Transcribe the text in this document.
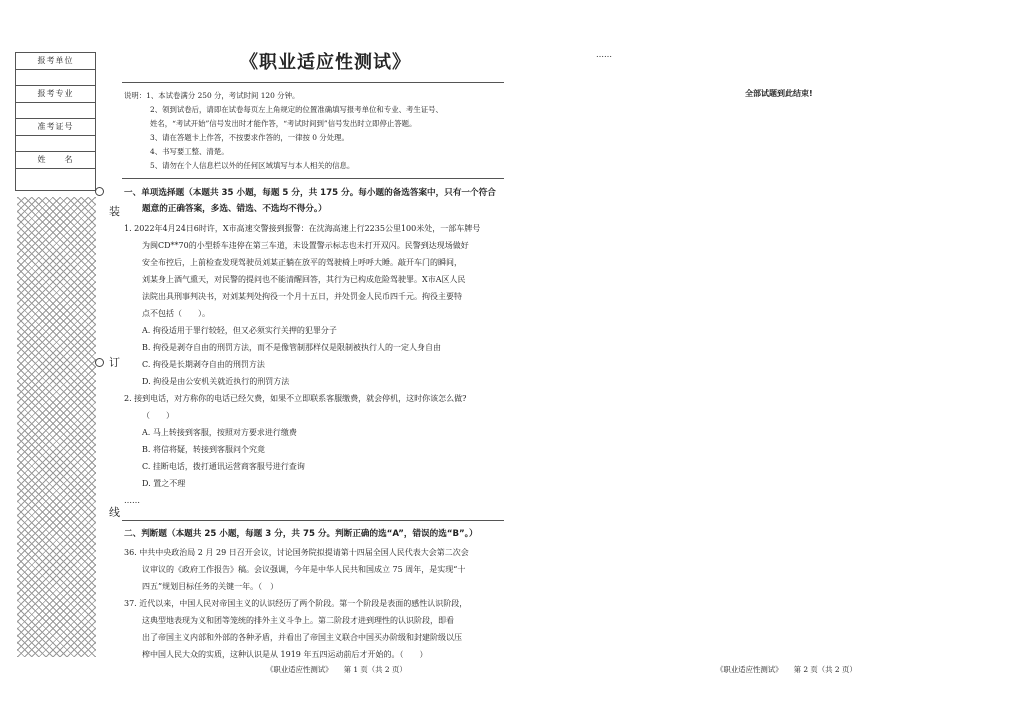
报考单位
报考专业
准考证号
姓　　名
装
订
线
《职业适应性测试》
说明：1、本试卷满分 250 分，考试时间 120 分钟。
2、领到试卷后，请即在试卷每页左上角规定的位置准确填写报考单位和专业、考生证号、
姓名，“考试开始”信号发出时才能作答，“考试时间到”信号发出时立即停止答题。
3、请在答题卡上作答，不按要求作答的，一律按 0 分处理。
4、书写要工整、清楚。
5、请勿在个人信息栏以外的任何区域填写与本人相关的信息。
一、单项选择题（本题共 35 小题，每题 5 分，共 175 分。每小题的备选答案中，只有一个符合
题意的正确答案，多选、错选、不选均不得分。）
1. 2022年4月24日6时许，X市高速交警接到报警：在沈海高速上行2235公里100米处，一部车牌号
为闽CD**70的小型轿车违停在第三车道，未设置警示标志也未打开双闪。民警到达现场做好
安全布控后，上前检查发现驾驶员刘某正躺在放平的驾驶椅上呼呼大睡。敲开车门的瞬间，
刘某身上酒气熏天，对民警的提问也不能清醒回答，其行为已构成危险驾驶罪。X市A区人民
法院出具刑事判决书，对刘某判处拘役一个月十五日，并处罚金人民币四千元。拘役主要特
点不包括（　　）。
A. 拘役适用于罪行较轻，但又必须实行关押的犯罪分子
B. 拘役是剥夺自由的刑罚方法，而不是像管制那样仅是限制被执行人的一定人身自由
C. 拘役是长期剥夺自由的刑罚方法
D. 拘役是由公安机关就近执行的刑罚方法
2. 接到电话，对方称你的电话已经欠费，如果不立即联系客服缴费，就会停机，这时你该怎么做?
（　　）
A. 马上转接到客服，按照对方要求进行缴费
B. 将信将疑，转接到客服问个究竟
C. 挂断电话，拨打通讯运营商客服号进行查询
D. 置之不理
……
二、判断题（本题共 25 小题，每题 3 分，共 75 分。判断正确的选“A”，错误的选“B”。）
36. 中共中央政治局 2 月 29 日召开会议，讨论国务院拟提请第十四届全国人民代表大会第二次会
议审议的《政府工作报告》稿。会议强调，今年是中华人民共和国成立 75 周年，是实现“十
四五”规划目标任务的关键一年。（　）
37. 近代以来，中国人民对帝国主义的认识经历了两个阶段。第一个阶段是表面的感性认识阶段，
这典型地表现为义和团等笼统的排外主义斗争上。第二阶段才进到理性的认识阶段，即看
出了帝国主义内部和外部的各种矛盾，并看出了帝国主义联合中国买办阶级和封建阶级以压
榨中国人民大众的实质，这种认识是从 1919 年五四运动前后才开始的。（　　）
……
全部试题到此结束!
《职业适应性测试》　　第 1 页（共 2 页）	《职业适应性测试》　　第 2 页（共 2 页）
